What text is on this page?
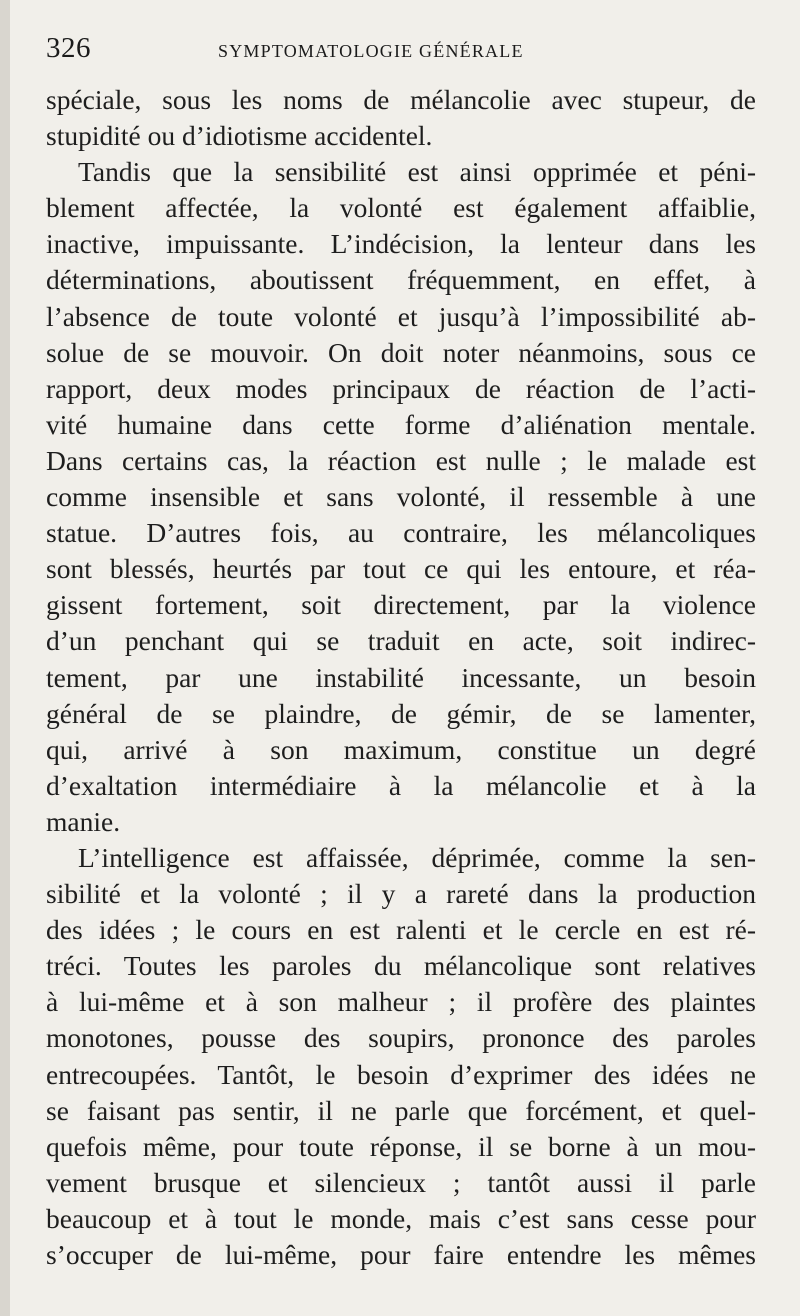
326	SYMPTOMATOLOGIE GÉNÉRALE
spéciale, sous les noms de mélancolie avec stupeur, de
stupidité ou d’idiotisme accidentel.
Tandis que la sensibilité est ainsi opprimée et péni-
blement affectée, la volonté est également affaiblie,
inactive, impuissante. L’indécision, la lenteur dans les
déterminations, aboutissent fréquemment, en effet, à
l’absence de toute volonté et jusqu’à l’impossibilité ab-
solue de se mouvoir. On doit noter néanmoins, sous ce
rapport, deux modes principaux de réaction de l’acti-
vité humaine dans cette forme d’aliénation mentale.
Dans certains cas, la réaction est nulle ; le malade est
comme insensible et sans volonté, il ressemble à une
statue. D’autres fois, au contraire, les mélancoliques
sont blessés, heurtés par tout ce qui les entoure, et réa-
gissent fortement, soit directement, par la violence
d’un penchant qui se traduit en acte, soit indirec-
tement, par une instabilité incessante, un besoin
général de se plaindre, de gémir, de se lamenter,
qui, arrivé à son maximum, constitue un degré
d’exaltation intermédiaire à la mélancolie et à la
manie.
L’intelligence est affaissée, déprimée, comme la sen-
sibilité et la volonté ; il y a rareté dans la production
des idées ; le cours en est ralenti et le cercle en est ré-
tréci. Toutes les paroles du mélancolique sont relatives
à lui-même et à son malheur ; il profère des plaintes
monotones, pousse des soupirs, prononce des paroles
entrecoupées. Tantôt, le besoin d’exprimer des idées ne
se faisant pas sentir, il ne parle que forcément, et quel-
quefois même, pour toute réponse, il se borne à un mou-
vement brusque et silencieux ; tantôt aussi il parle
beaucoup et à tout le monde, mais c’est sans cesse pour
s’occuper de lui-même, pour faire entendre les mêmes
